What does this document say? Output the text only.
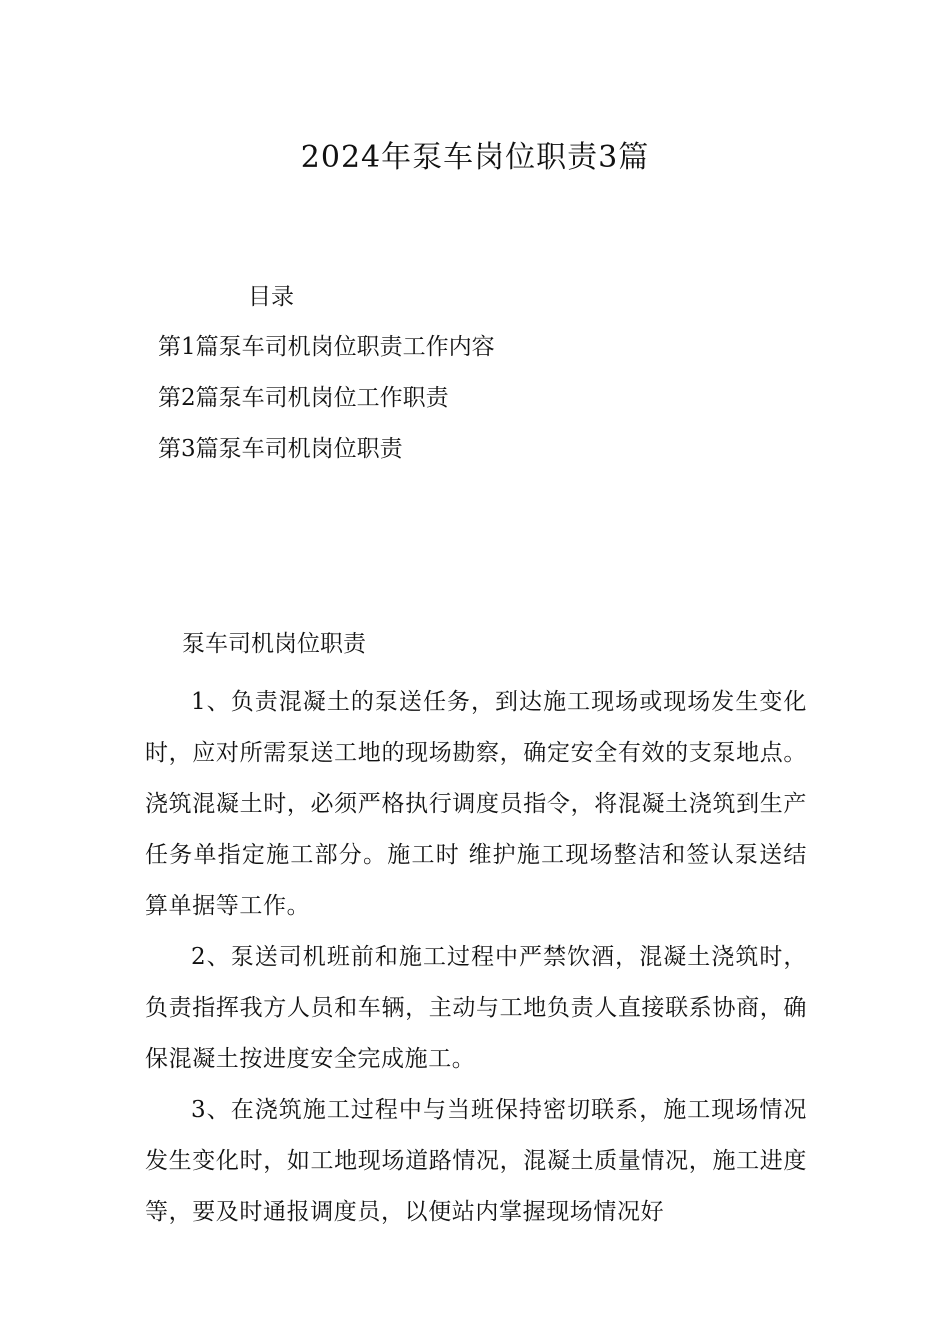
2024年泵车岗位职责3篇
目录
第1篇泵车司机岗位职责工作内容
第2篇泵车司机岗位工作职责
第3篇泵车司机岗位职责
泵车司机岗位职责

1、负责混凝土的泵送任务，到达施工现场或现场发生变化时，应对所需泵送工地的现场勘察，确定安全有效的支泵地点。浇筑混凝土时，必须严格执行调度员指令，将混凝土浇筑到生产任务单指定施工部分。施工时 维护施工现场整洁和签认泵送结算单据等工作。

2、泵送司机班前和施工过程中严禁饮酒，混凝土浇筑时，负责指挥我方人员和车辆，主动与工地负责人直接联系协商，确保混凝土按进度安全完成施工。

3、在浇筑施工过程中与当班保持密切联系，施工现场情况发生变化时，如工地现场道路情况，混凝土质量情况，施工进度等，要及时通报调度员，以便站内掌握现场情况好
